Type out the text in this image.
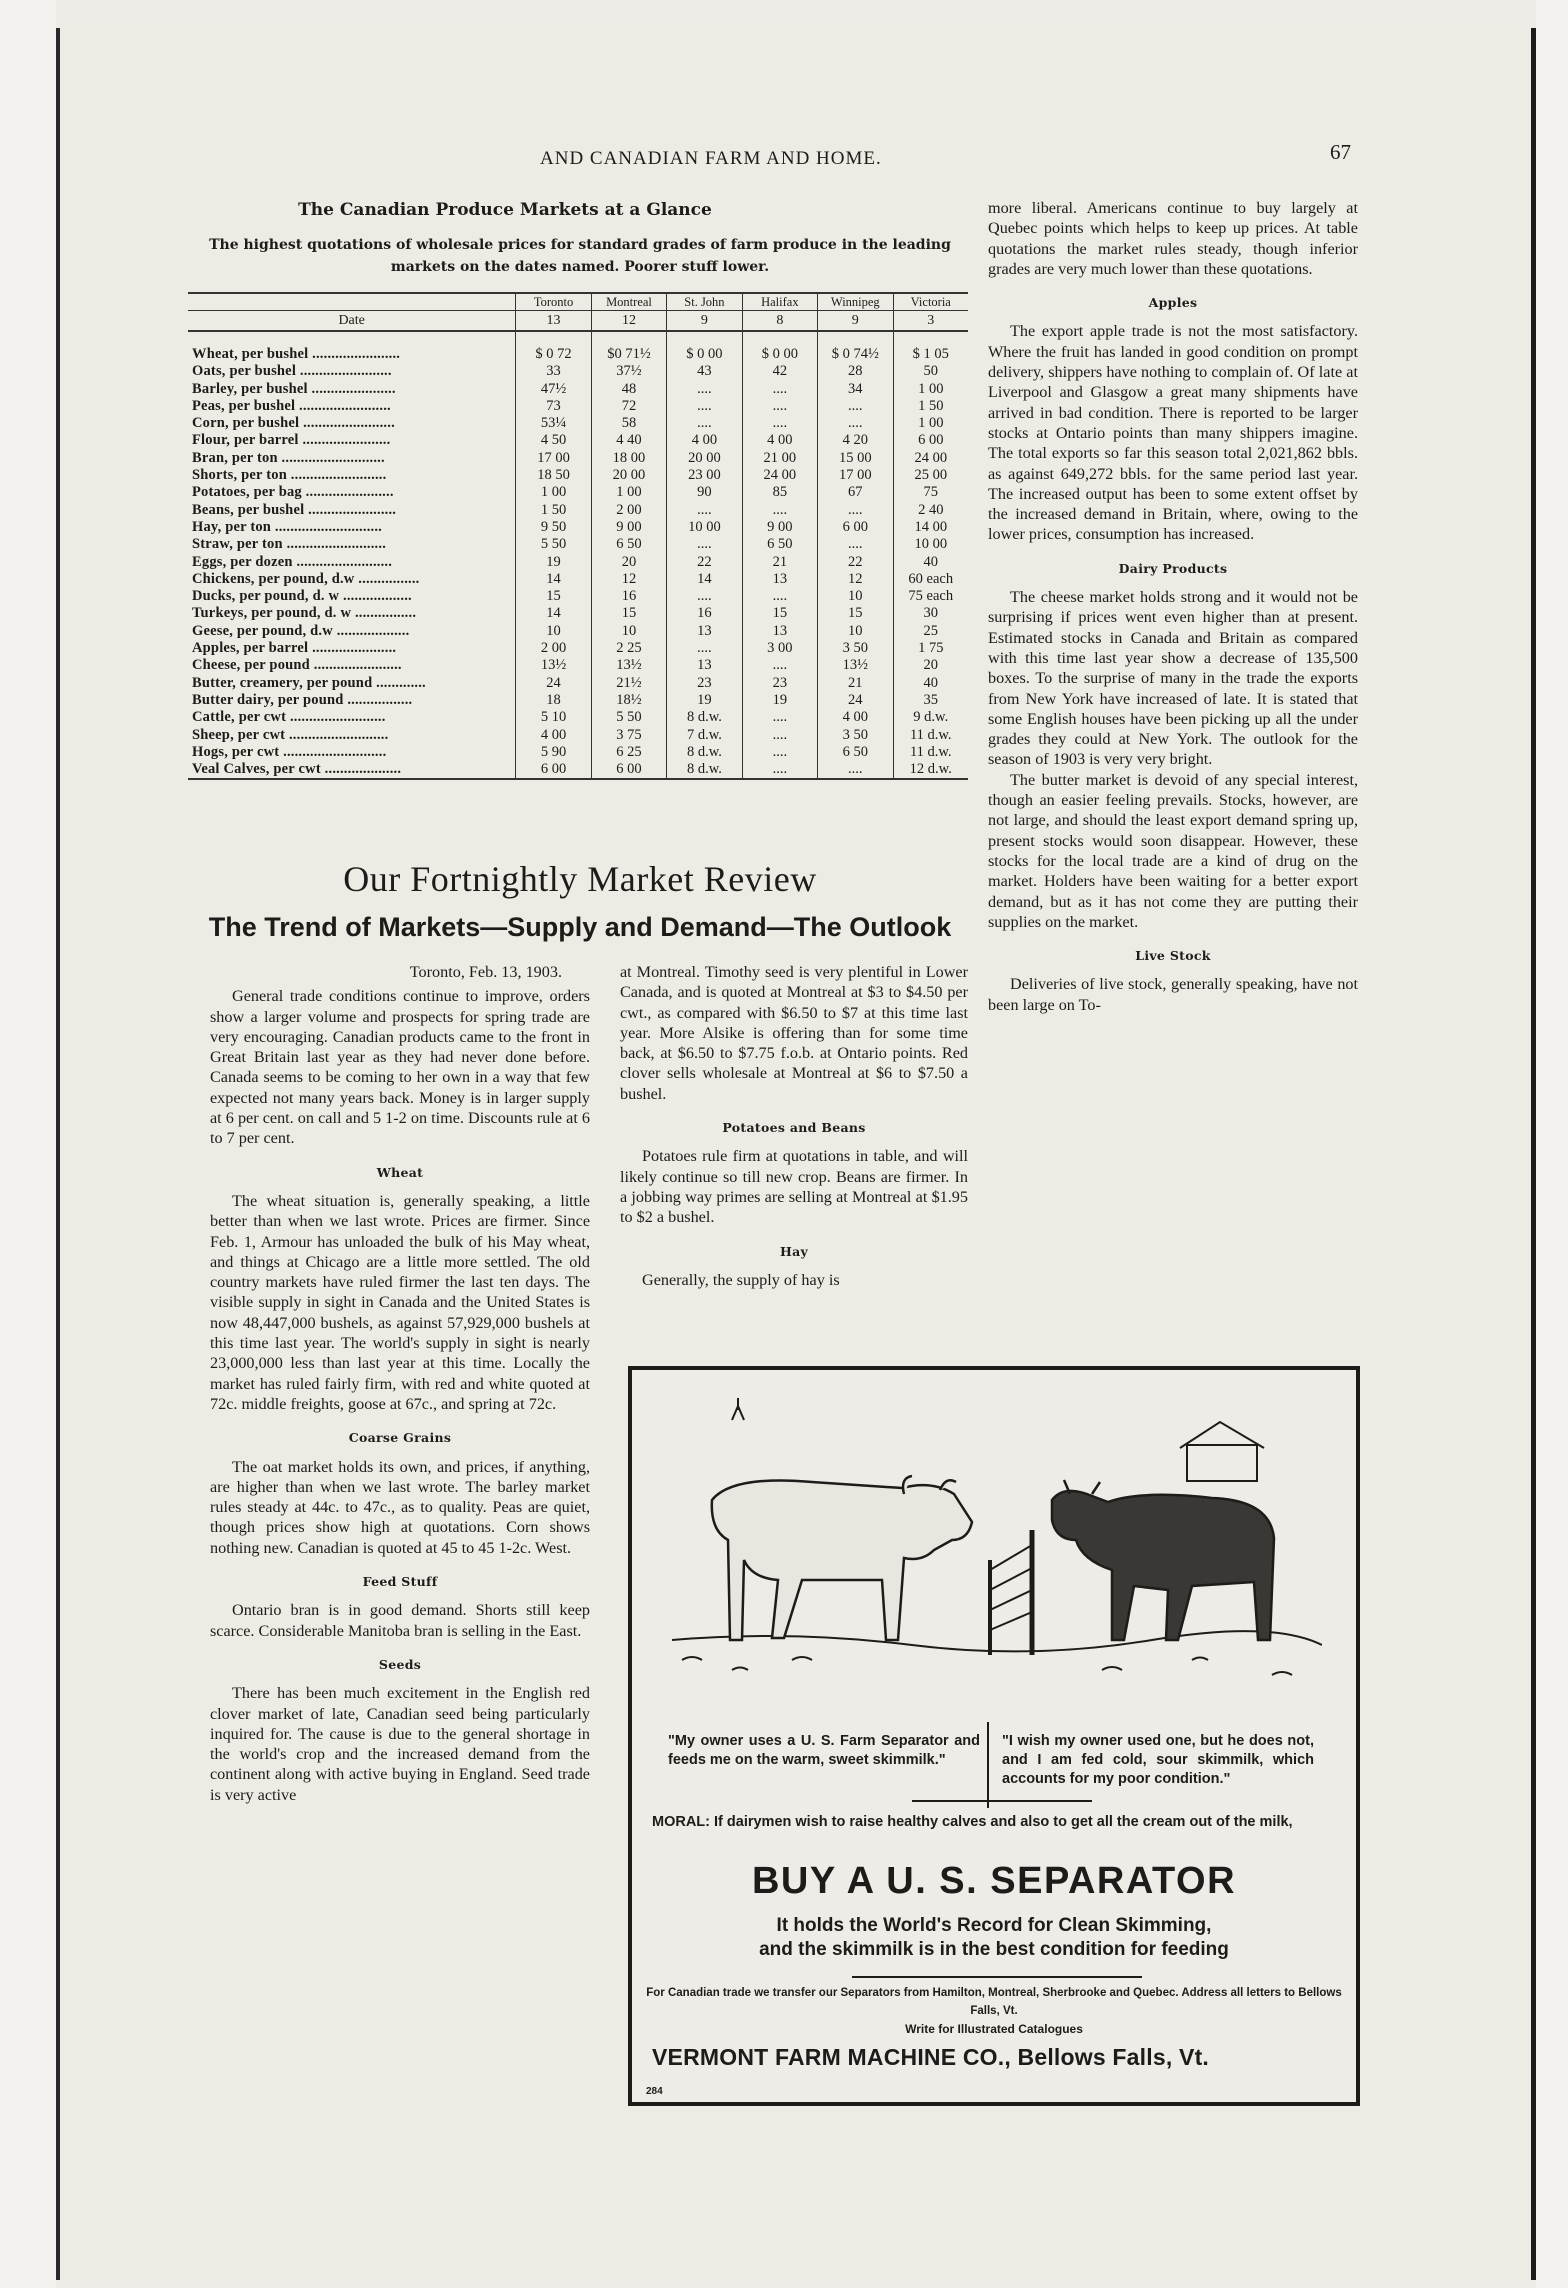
AND CANADIAN FARM AND HOME.	67
The Canadian Produce Markets at a Glance
The highest quotations of wholesale prices for standard grades of farm produce in the leading markets on the dates named. Poorer stuff lower.
	Toronto	Montreal	St. John	Halifax	Winnipeg	Victoria
Date	13	12	9	8	9	3
Wheat, per bushel .......................	$ 0 72	$0 71½	$ 0 00	$ 0 00	$ 0 74½	$ 1 05
Oats, per bushel ........................	33	37½	43	42	28	50
Barley, per bushel ......................	47½	48	....	....	34	1 00
Peas, per bushel ........................	73	72	....	....	....	1 50
Corn, per bushel ........................	53¼	58	....	....	....	1 00
Flour, per barrel .......................	4 50	4 40	4 00	4 00	4 20	6 00
Bran, per ton ...........................	17 00	18 00	20 00	21 00	15 00	24 00
Shorts, per ton .........................	18 50	20 00	23 00	24 00	17 00	25 00
Potatoes, per bag .......................	1 00	1 00	90	85	67	75
Beans, per bushel .......................	1 50	2 00	....	....	....	2 40
Hay, per ton ............................	9 50	9 00	10 00	9 00	6 00	14 00
Straw, per ton ..........................	5 50	6 50	....	6 50	....	10 00
Eggs, per dozen .........................	19	20	22	21	22	40
Chickens, per pound, d.w ................	14	12	14	13	12	60 each
Ducks, per pound, d. w ..................	15	16	....	....	10	75 each
Turkeys, per pound, d. w ................	14	15	16	15	15	30
Geese, per pound, d.w ...................	10	10	13	13	10	25
Apples, per barrel ......................	2 00	2 25	....	3 00	3 50	1 75
Cheese, per pound .......................	13½	13½	13	....	13½	20
Butter, creamery, per pound .............	24	21½	23	23	21	40
Butter dairy, per pound .................	18	18½	19	19	24	35
Cattle, per cwt .........................	5 10	5 50	8 d.w.	....	4 00	9 d.w.
Sheep, per cwt ..........................	4 00	3 75	7 d.w.	....	3 50	11 d.w.
Hogs, per cwt ...........................	5 90	6 25	8 d.w.	....	6 50	11 d.w.
Veal Calves, per cwt ....................	6 00	6 00	8 d.w.	....	....	12 d.w.
Our Fortnightly Market Review
The Trend of Markets—Supply and Demand—The Outlook
Toronto, Feb. 13, 1903.

General trade conditions continue to improve, orders show a larger volume and prospects for spring trade are very encouraging. Canadian products came to the front in Great Britain last year as they had never done before. Canada seems to be coming to her own in a way that few expected not many years back. Money is in larger supply at 6 per cent. on call and 5 1-2 on time. Discounts rule at 6 to 7 per cent.

Wheat

The wheat situation is, generally speaking, a little better than when we last wrote. Prices are firmer. Since Feb. 1, Armour has unloaded the bulk of his May wheat, and things at Chicago are a little more settled. The old country markets have ruled firmer the last ten days. The visible supply in sight in Canada and the United States is now 48,447,000 bushels, as against 57,929,000 bushels at this time last year. The world's supply in sight is nearly 23,000,000 less than last year at this time. Locally the market has ruled fairly firm, with red and white quoted at 72c. middle freights, goose at 67c., and spring at 72c.

Coarse Grains

The oat market holds its own, and prices, if anything, are higher than when we last wrote. The barley market rules steady at 44c. to 47c., as to quality. Peas are quiet, though prices show high at quotations. Corn shows nothing new. Canadian is quoted at 45 to 45 1-2c. West.

Feed Stuff

Ontario bran is in good demand. Shorts still keep scarce. Considerable Manitoba bran is selling in the East.

Seeds

There has been much excitement in the English red clover market of late, Canadian seed being particularly inquired for. The cause is due to the general shortage in the world's crop and the increased demand from the continent along with active buying in England. Seed trade is very active

at Montreal. Timothy seed is very plentiful in Lower Canada, and is quoted at Montreal at $3 to $4.50 per cwt., as compared with $6.50 to $7 at this time last year. More Alsike is offering than for some time back, at $6.50 to $7.75 f.o.b. at Ontario points. Red clover sells wholesale at Montreal at $6 to $7.50 a bushel.

Potatoes and Beans

Potatoes rule firm at quotations in table, and will likely continue so till new crop. Beans are firmer. In a jobbing way primes are selling at Montreal at $1.95 to $2 a bushel.

Hay

Generally, the supply of hay is

more liberal. Americans continue to buy largely at Quebec points which helps to keep up prices. At table quotations the market rules steady, though inferior grades are very much lower than these quotations.

Apples

The export apple trade is not the most satisfactory. Where the fruit has landed in good condition on prompt delivery, shippers have nothing to complain of. Of late at Liverpool and Glasgow a great many shipments have arrived in bad condition. There is reported to be larger stocks at Ontario points than many shippers imagine. The total exports so far this season total 2,021,862 bbls. as against 649,272 bbls. for the same period last year. The increased output has been to some extent offset by the increased demand in Britain, where, owing to the lower prices, consumption has increased.

Dairy Products

The cheese market holds strong and it would not be surprising if prices went even higher than at present. Estimated stocks in Canada and Britain as compared with this time last year show a decrease of 135,500 boxes. To the surprise of many in the trade the exports from New York have increased of late. It is stated that some English houses have been picking up all the under grades they could at New York. The outlook for the season of 1903 is very very bright.

The butter market is devoid of any special interest, though an easier feeling prevails. Stocks, however, are not large, and should the least export demand spring up, present stocks would soon disappear. However, these stocks for the local trade are a kind of drug on the market. Holders have been waiting for a better export demand, but as it has not come they are putting their supplies on the market.

Live Stock

Deliveries of live stock, generally speaking, have not been large on To-

"My owner uses a U. S. Farm Separator and feeds me on the warm, sweet skimmilk."
"I wish my owner used one, but he does not, and I am fed cold, sour skimmilk, which accounts for my poor condition."
MORAL: If dairymen wish to raise healthy calves and also to get all the cream out of the milk,
BUY A U. S. SEPARATOR
It holds the World's Record for Clean Skimming,
and the skimmilk is in the best condition for feeding
For Canadian trade we transfer our Separators from Hamilton, Montreal, Sherbrooke and Quebec. Address all letters to Bellows Falls, Vt.
Write for Illustrated Catalogues
VERMONT FARM MACHINE CO., Bellows Falls, Vt.
284
